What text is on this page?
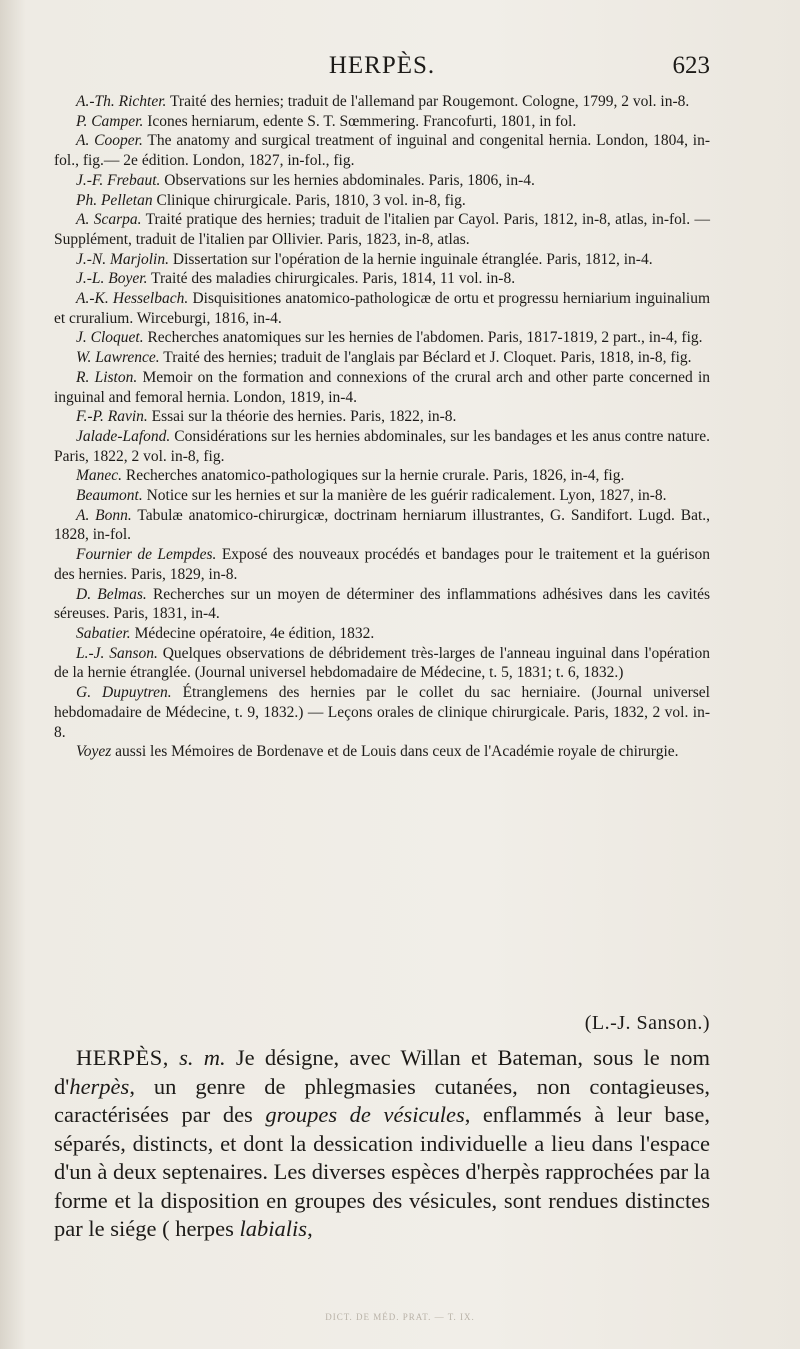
HERPÈS.	623

A.-Th. Richter. Traité des hernies; traduit de l'allemand par Rougemont. Cologne, 1799, 2 vol. in-8.

P. Camper. Icones herniarum, edente S. T. Sœmmering. Francofurti, 1801, in fol.

A. Cooper. The anatomy and surgical treatment of inguinal and congenital hernia. London, 1804, in-fol., fig.— 2e édition. London, 1827, in-fol., fig.

J.-F. Frebaut. Observations sur les hernies abdominales. Paris, 1806, in-4.

Ph. Pelletan Clinique chirurgicale. Paris, 1810, 3 vol. in-8, fig.

A. Scarpa. Traité pratique des hernies; traduit de l'italien par Cayol. Paris, 1812, in-8, atlas, in-fol. — Supplément, traduit de l'italien par Ollivier. Paris, 1823, in-8, atlas.

J.-N. Marjolin. Dissertation sur l'opération de la hernie inguinale étranglée. Paris, 1812, in-4.

J.-L. Boyer. Traité des maladies chirurgicales. Paris, 1814, 11 vol. in-8.

A.-K. Hesselbach. Disquisitiones anatomico-pathologicæ de ortu et progressu herniarium inguinalium et cruralium. Wirceburgi, 1816, in-4.

J. Cloquet. Recherches anatomiques sur les hernies de l'abdomen. Paris, 1817-1819, 2 part., in-4, fig.

W. Lawrence. Traité des hernies; traduit de l'anglais par Béclard et J. Cloquet. Paris, 1818, in-8, fig.

R. Liston. Memoir on the formation and connexions of the crural arch and other parte concerned in inguinal and femoral hernia. London, 1819, in-4.

F.-P. Ravin. Essai sur la théorie des hernies. Paris, 1822, in-8.

Jalade-Lafond. Considérations sur les hernies abdominales, sur les bandages et les anus contre nature. Paris, 1822, 2 vol. in-8, fig.

Manec. Recherches anatomico-pathologiques sur la hernie crurale. Paris, 1826, in-4, fig.

Beaumont. Notice sur les hernies et sur la manière de les guérir radicalement. Lyon, 1827, in-8.

A. Bonn. Tabulæ anatomico-chirurgicæ, doctrinam herniarum illustrantes, G. Sandifort. Lugd. Bat., 1828, in-fol.

Fournier de Lempdes. Exposé des nouveaux procédés et bandages pour le traitement et la guérison des hernies. Paris, 1829, in-8.

D. Belmas. Recherches sur un moyen de déterminer des inflammations adhésives dans les cavités séreuses. Paris, 1831, in-4.

Sabatier. Médecine opératoire, 4e édition, 1832.

L.-J. Sanson. Quelques observations de débridement très-larges de l'anneau inguinal dans l'opération de la hernie étranglée. (Journal universel hebdomadaire de Médecine, t. 5, 1831; t. 6, 1832.)

G. Dupuytren. Étranglemens des hernies par le collet du sac herniaire. (Journal universel hebdomadaire de Médecine, t. 9, 1832.) — Leçons orales de clinique chirurgicale. Paris, 1832, 2 vol. in-8.

Voyez aussi les Mémoires de Bordenave et de Louis dans ceux de l'Académie royale de chirurgie.

(L.-J. Sanson.)

HERPÈS, s. m. Je désigne, avec Willan et Bateman, sous le nom d'herpès, un genre de phlegmasies cutanées, non contagieuses, caractérisées par des groupes de vésicules, enflammés à leur base, séparés, distincts, et dont la dessication individuelle a lieu dans l'espace d'un à deux septenaires. Les diverses espèces d'herpès rapprochées par la forme et la disposition en groupes des vésicules, sont rendues distinctes par le siége ( herpes labialis,

DICT. DE MÉD. PRAT. — T. IX.
